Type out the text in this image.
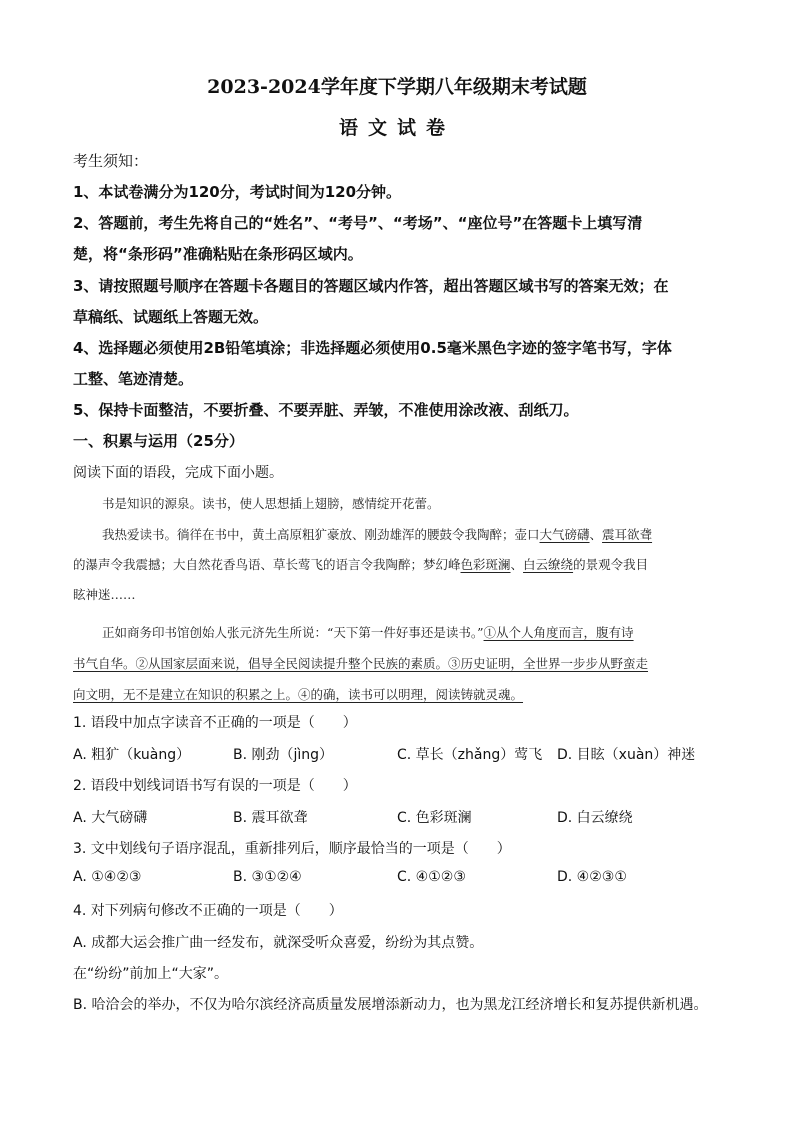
2023-2024学年度下学期八年级期末考试题
语文试卷
考生须知：
1、本试卷满分为120分，考试时间为120分钟。
2、答题前，考生先将自己的“姓名”、“考号”、“考场”、“座位号”在答题卡上填写清
楚，将“条形码”准确粘贴在条形码区域内。
3、请按照题号顺序在答题卡各题目的答题区域内作答，超出答题区域书写的答案无效；在
草稿纸、试题纸上答题无效。
4、选择题必须使用2B铅笔填涂；非选择题必须使用0.5毫米黑色字迹的签字笔书写，字体
工整、笔迹清楚。
5、保持卡面整洁，不要折叠、不要弄脏、弄皱，不准使用涂改液、刮纸刀。
一、积累与运用（25分）
阅读下面的语段，完成下面小题。
书是知识的源泉。读书，使人思想插上翅膀，感情绽开花蕾。
我热爱读书。徜徉在书中，黄土高原粗犷豪放、刚劲雄浑的腰鼓令我陶醉；壶口大气磅礴、震耳欲聋
的瀑声令我震撼；大自然花香鸟语、草长莺飞的语言令我陶醉；梦幻峰色彩斑澜、白云缭绕的景观令我目
眩神迷……
正如商务印书馆创始人张元济先生所说：“天下第一件好事还是读书。”①从个人角度而言，腹有诗
书气自华。②从国家层面来说，倡导全民阅读提升整个民族的素质。③历史证明，全世界一步步从野蛮走
向文明，无不是建立在知识的积累之上。④的确，读书可以明理，阅读铸就灵魂。
1. 语段中加点字读音不正确的一项是（　　）
A. 粗犷（kuàng）	B. 刚劲（jìng）	C. 草长（zhǎng）莺飞 D. 目眩（xuàn）神迷
2. 语段中划线词语书写有误的一项是（　　）
A. 大气磅礴	B. 震耳欲聋	C. 色彩斑澜	D. 白云缭绕
3. 文中划线句子语序混乱，重新排列后，顺序最恰当的一项是（　　）
A. ①④②③	B. ③①②④	C. ④①②③	D. ④②③①
4. 对下列病句修改不正确的一项是（　　）
A. 成都大运会推广曲一经发布，就深受听众喜爱，纷纷为其点赞。
在“纷纷”前加上“大家”。
B. 哈洽会的举办，不仅为哈尔滨经济高质量发展增添新动力，也为黑龙江经济增长和复苏提供新机遇。
